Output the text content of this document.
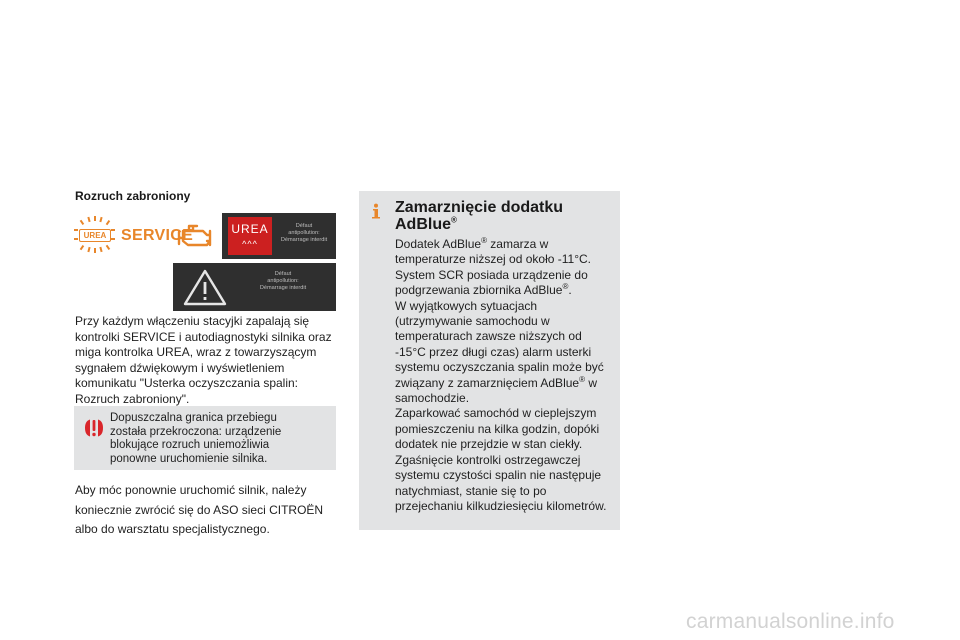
Rozruch zabroniony
UREA SERVICE	UREA
^^^
Défaut
antipollution:
Démarrage interdit
Défaut
antipollution:
Démarrage interdit
Przy każdym włączeniu stacyjki zapalają się
kontrolki SERVICE i autodiagnostyki silnika oraz
miga kontrolka UREA, wraz z towarzyszącym
sygnałem dźwiękowym i wyświetleniem
komunikatu "Usterka oczyszczania spalin:
Rozruch zabroniony".
Dopuszczalna granica przebiegu
została przekroczona: urządzenie
blokujące rozruch uniemożliwia
ponowne uruchomienie silnika.
Aby móc ponownie uruchomić silnik, należy
koniecznie zwrócić się do ASO sieci CITROËN
albo do warsztatu specjalistycznego.
Zamarznięcie dodatku
AdBlue®
Dodatek AdBlue® zamarza w
temperaturze niższej od około -11°C.
System SCR posiada urządzenie do
podgrzewania zbiornika AdBlue®.
W wyjątkowych sytuacjach
(utrzymywanie samochodu w
temperaturach zawsze niższych od
-15°C przez długi czas) alarm usterki
systemu oczyszczania spalin może być
związany z zamarznięciem AdBlue® w
samochodzie.
Zaparkować samochód w cieplejszym
pomieszczeniu na kilka godzin, dopóki
dodatek nie przejdzie w stan ciekły.
Zgaśnięcie kontrolki ostrzegawczej
systemu czystości spalin nie następuje
natychmiast, stanie się to po
przejechaniu kilkudziesięciu kilometrów.
carmanualsonline.info
